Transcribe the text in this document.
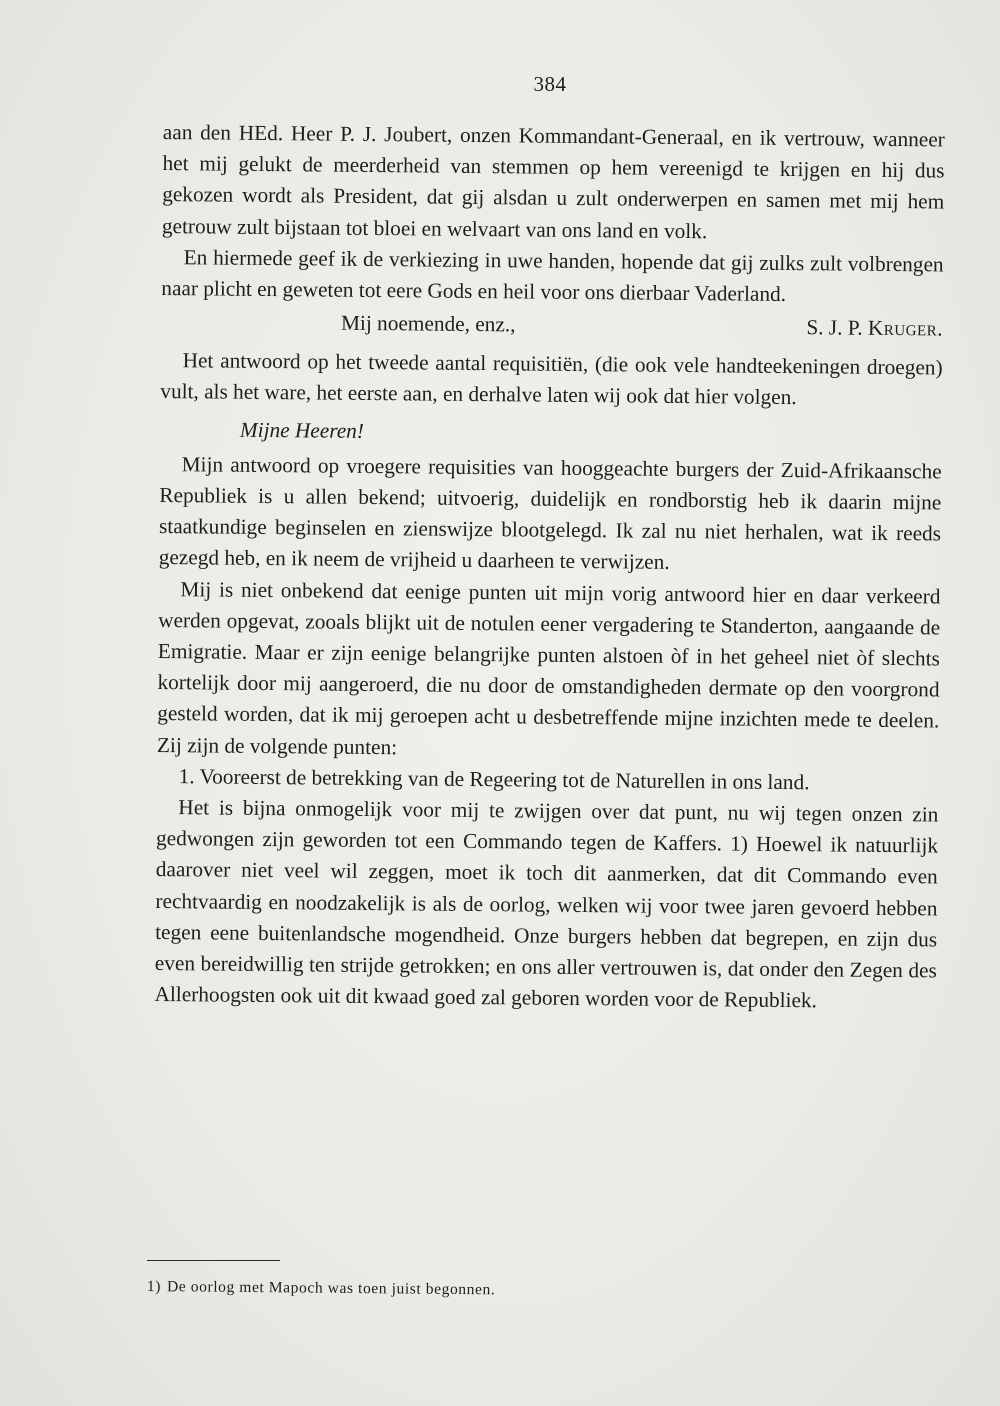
384

aan den HEd. Heer P. J. Joubert, onzen Kommandant-Generaal, en ik vertrouw, wanneer het mij gelukt de meerderheid van stemmen op hem vereenigd te krijgen en hij dus gekozen wordt als President, dat gij alsdan u zult onderwerpen en samen met mij hem getrouw zult bijstaan tot bloei en welvaart van ons land en volk.

En hiermede geef ik de verkiezing in uwe handen, hopende dat gij zulks zult volbrengen naar plicht en geweten tot eere Gods en heil voor ons dierbaar Vaderland.

Mij noemende, enz.,	S. J. P. Kruger.

Het antwoord op het tweede aantal requisitiën, (die ook vele handteekeningen droegen) vult, als het ware, het eerste aan, en derhalve laten wij ook dat hier volgen.

Mijne Heeren!

Mijn antwoord op vroegere requisities van hooggeachte burgers der Zuid-Afrikaansche Republiek is u allen bekend; uitvoerig, duidelijk en rondborstig heb ik daarin mijne staatkundige beginselen en zienswijze blootgelegd. Ik zal nu niet herhalen, wat ik reeds gezegd heb, en ik neem de vrijheid u daarheen te verwijzen.

Mij is niet onbekend dat eenige punten uit mijn vorig antwoord hier en daar verkeerd werden opgevat, zooals blijkt uit de notulen eener vergadering te Standerton, aangaande de Emigratie. Maar er zijn eenige belangrijke punten alstoen òf in het geheel niet òf slechts kortelijk door mij aangeroerd, die nu door de omstandigheden dermate op den voorgrond gesteld worden, dat ik mij geroepen acht u desbetreffende mijne inzichten mede te deelen. Zij zijn de volgende punten:

1. Vooreerst de betrekking van de Regeering tot de Naturellen in ons land.

Het is bijna onmogelijk voor mij te zwijgen over dat punt, nu wij tegen onzen zin gedwongen zijn geworden tot een Commando tegen de Kaffers. 1) Hoewel ik natuurlijk daarover niet veel wil zeggen, moet ik toch dit aanmerken, dat dit Commando even rechtvaardig en noodzakelijk is als de oorlog, welken wij voor twee jaren gevoerd hebben tegen eene buitenlandsche mogendheid. Onze burgers hebben dat begrepen, en zijn dus even bereidwillig ten strijde getrokken; en ons aller vertrouwen is, dat onder den Zegen des Allerhoogsten ook uit dit kwaad goed zal geboren worden voor de Republiek.

1) De oorlog met Mapoch was toen juist begonnen.
